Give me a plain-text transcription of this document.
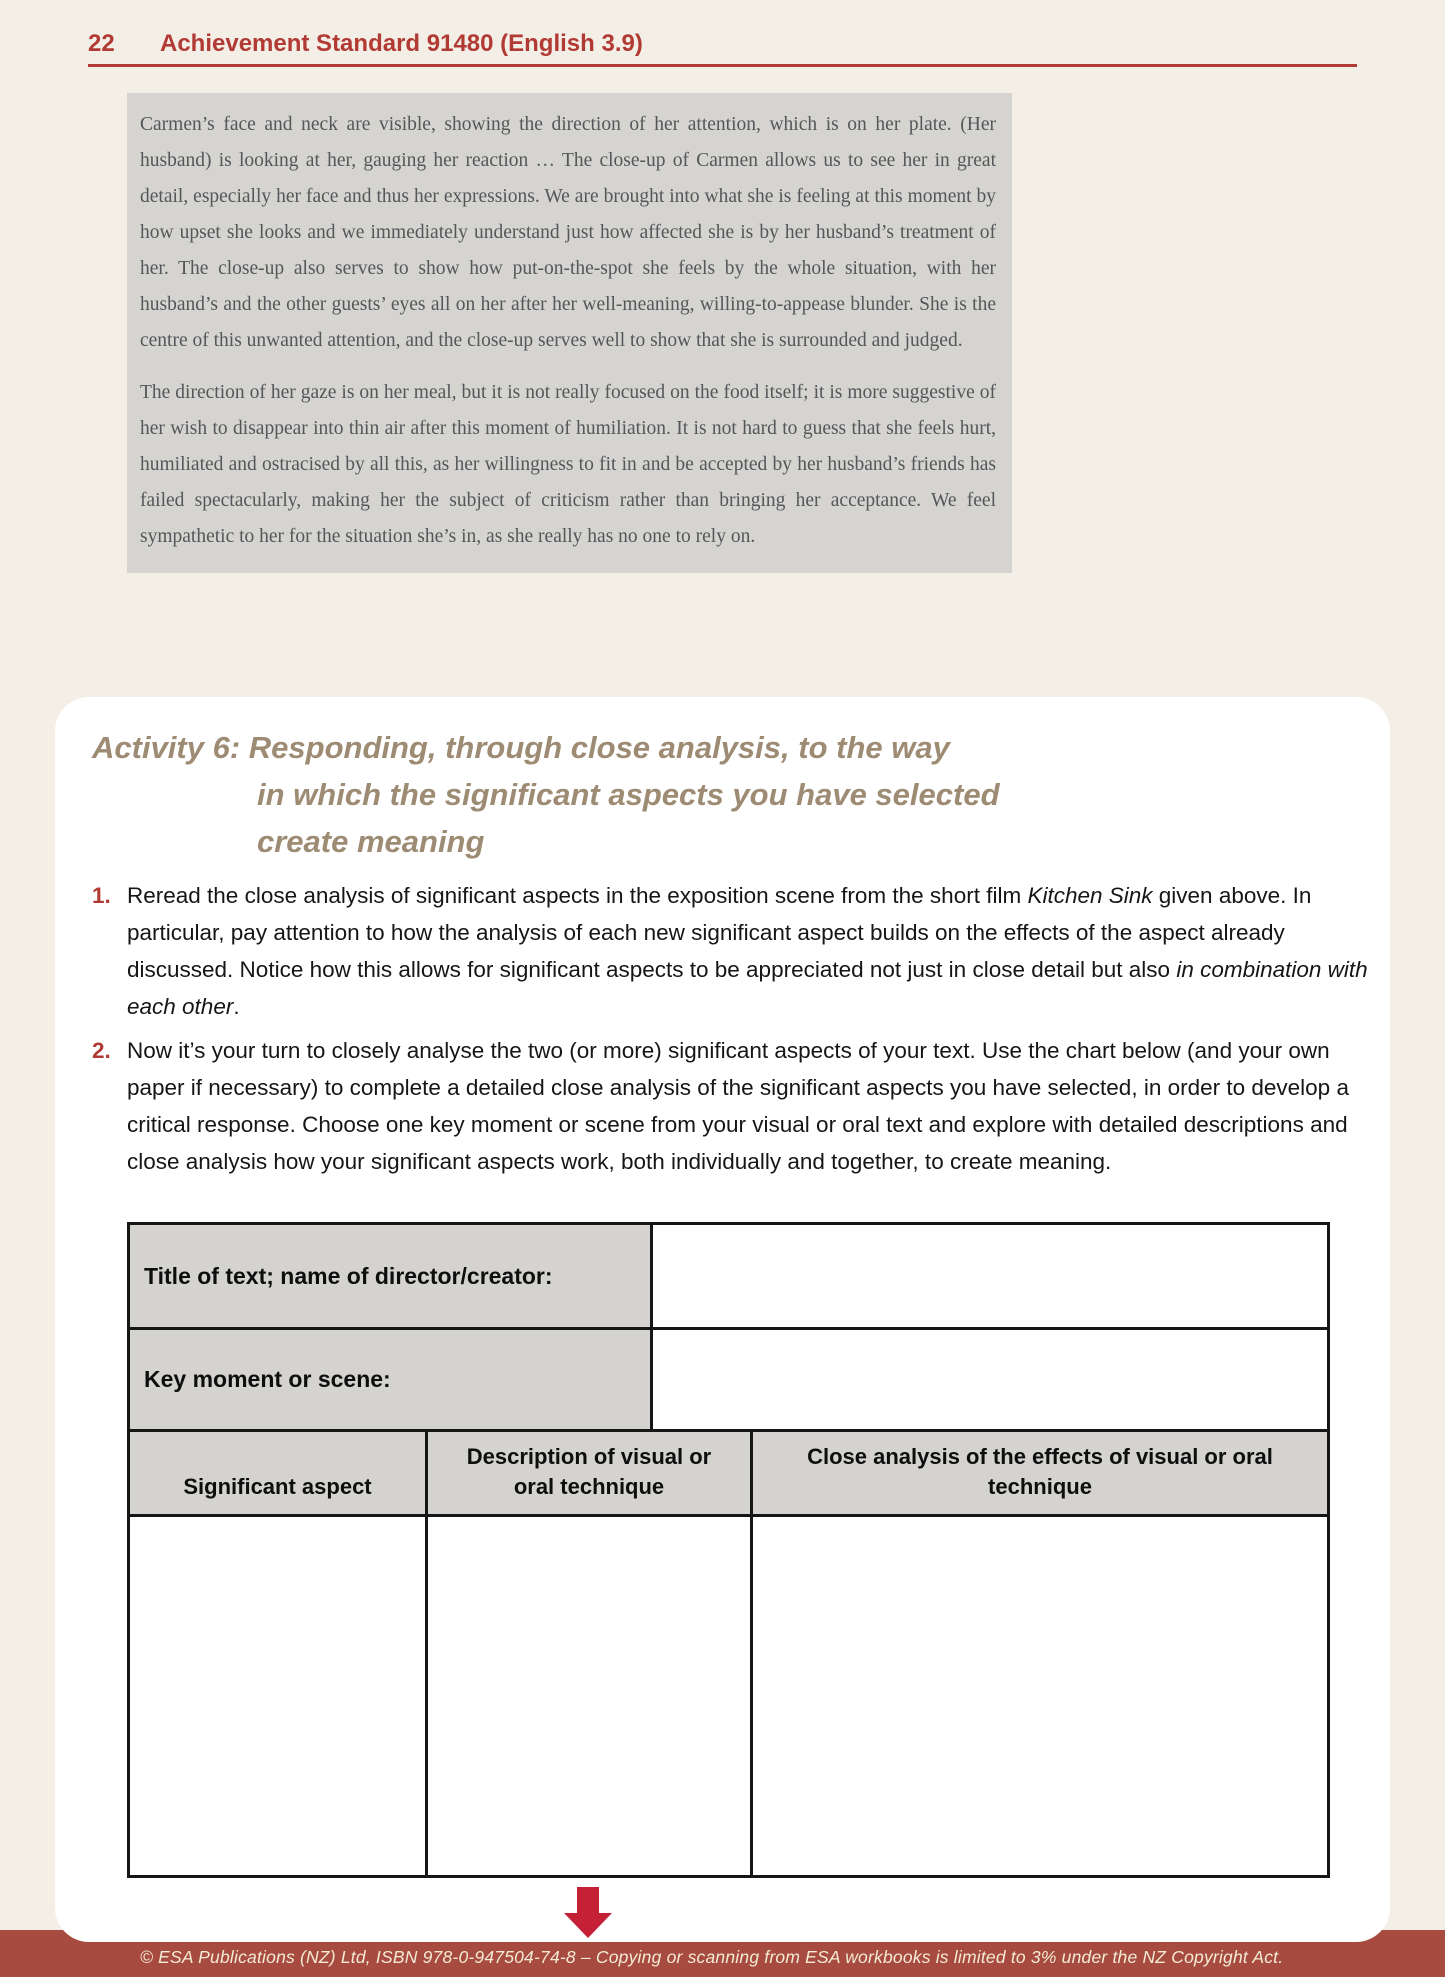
22 Achievement Standard 91480 (English 3.9)

Carmen’s face and neck are visible, showing the direction of her attention, which is on her plate. (Her husband) is looking at her, gauging her reaction … The close-up of Carmen allows us to see her in great detail, especially her face and thus her expressions. We are brought into what she is feeling at this moment by how upset she looks and we immediately understand just how affected she is by her husband’s treatment of her. The close-up also serves to show how put-on-the-spot she feels by the whole situation, with her husband’s and the other guests’ eyes all on her after her well-meaning, willing-to-appease blunder. She is the centre of this unwanted attention, and the close-up serves well to show that she is surrounded and judged.

The direction of her gaze is on her meal, but it is not really focused on the food itself; it is more suggestive of her wish to disappear into thin air after this moment of humiliation. It is not hard to guess that she feels hurt, humiliated and ostracised by all this, as her willingness to fit in and be accepted by her husband’s friends has failed spectacularly, making her the subject of criticism rather than bringing her acceptance. We feel sympathetic to her for the situation she’s in, as she really has no one to rely on.

Activity 6: Responding, through close analysis, to the way
in which the significant aspects you have selected
create meaning
1. Reread the close analysis of significant aspects in the exposition scene from the short film Kitchen Sink given above. In particular, pay attention to how the analysis of each new significant aspect builds on the effects of the aspect already discussed. Notice how this allows for significant aspects to be appreciated not just in close detail but also in combination with each other.
2. Now it’s your turn to closely analyse the two (or more) significant aspects of your text. Use the chart below (and your own paper if necessary) to complete a detailed close analysis of the significant aspects you have selected, in order to develop a critical response. Choose one key moment or scene from your visual or oral text and explore with detailed descriptions and close analysis how your significant aspects work, both individually and together, to create meaning.
Title of text; name of director/creator:
Key moment or scene:
Significant aspect
Description of visual or
oral technique
Close analysis of the effects of visual or oral
technique
© ESA Publications (NZ) Ltd, ISBN 978-0-947504-74-8 – Copying or scanning from ESA workbooks is limited to 3% under the NZ Copyright Act.
